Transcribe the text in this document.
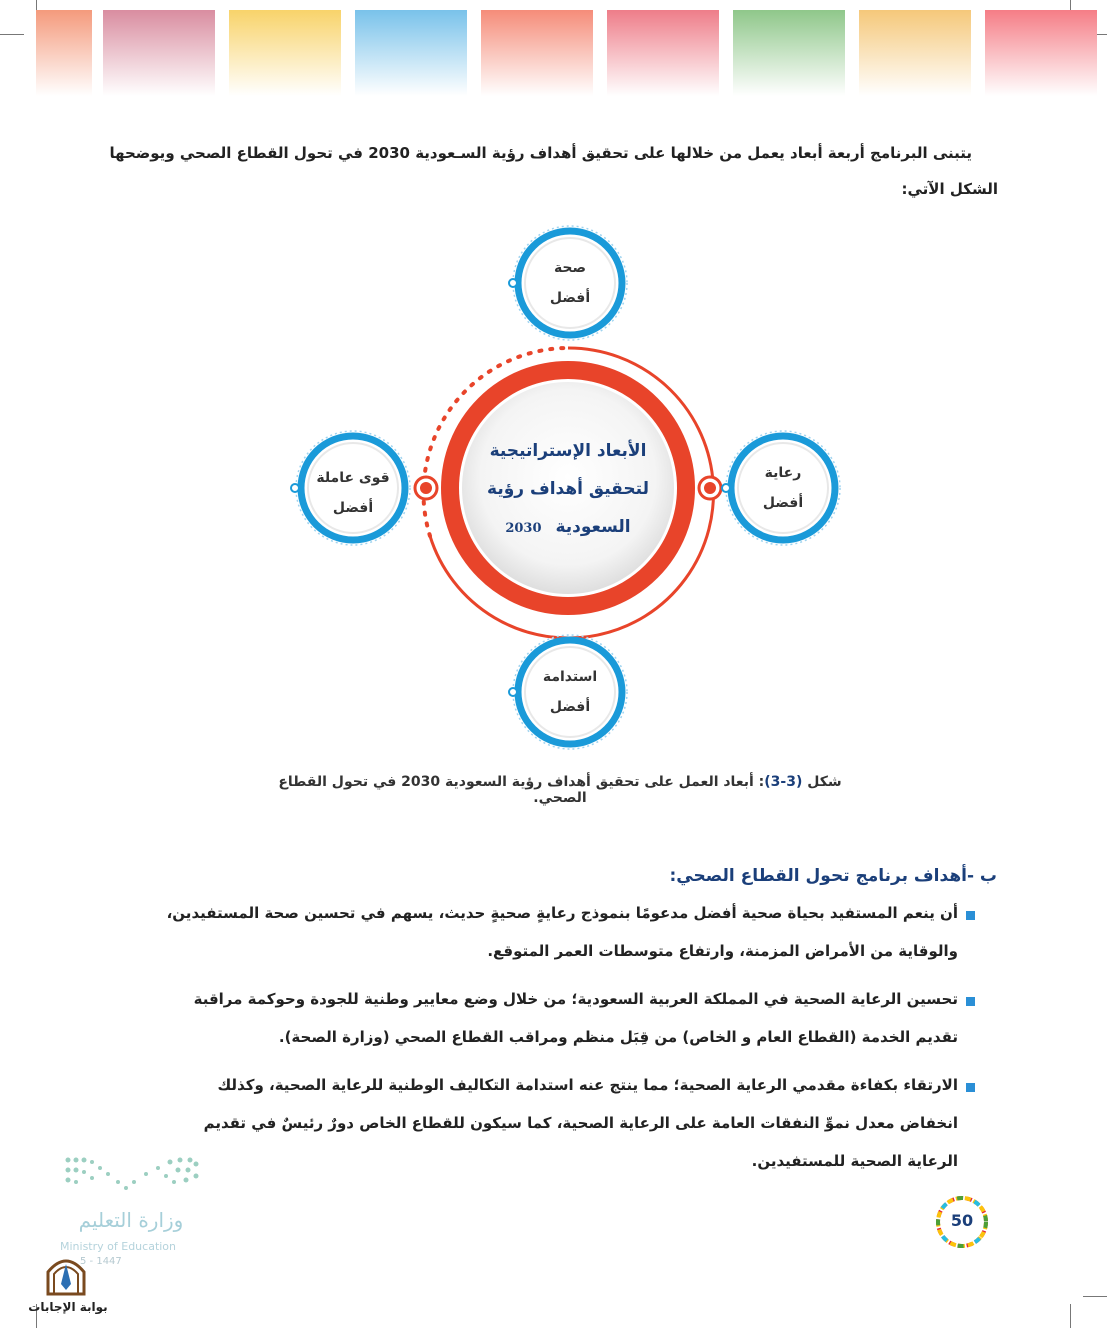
يتبنى البرنامج أربعة أبعاد يعمل من خلالها على تحقيق أهداف رؤية السـعودية 2030 في تحول القطاع الصحي ويوضحها
الشكل الآتي:
الأبعاد الإستراتيجية
لتحقيق أهداف رؤية
السعودية 2030
صحة
أفضل
قوى عاملة
أفضل
رعاية
أفضل
استدامة
أفضل
شكل (3-3): أبعاد العمل على تحقيق أهداف رؤية السعودية 2030 في تحول القطاع الصحي.
ب -أهداف برنامج تحول القطاع الصحي:
أن ينعم المستفيد بحياة صحية أفضل مدعومًا بنموذج رعايةٍ صحيةٍ حديث، يسهم في تحسين صحة المستفيدين،
والوقاية من الأمراض المزمنة، وارتفاع متوسطات العمر المتوقع.
تحسين الرعاية الصحية في المملكة العربية السعودية؛ من خلال وضع معايير وطنية للجودة وحوكمة مراقبة
تقديم الخدمة (القطاع العام و الخاص) من قِبَل منظم ومراقب القطاع الصحي (وزارة الصحة).
الارتقاء بكفاءة مقدمي الرعاية الصحية؛ مما ينتج عنه استدامة التكاليف الوطنية للرعاية الصحية، وكذلك
انخفاض معدل نموِّ النفقات العامة على الرعاية الصحية، كما سيكون للقطاع الخاص دورٌ رئيسٌ في تقديم
الرعاية الصحية للمستفيدين.
50
وزارة التعليم
Ministry of Education
5 - 1447
بوابة الإجابات
